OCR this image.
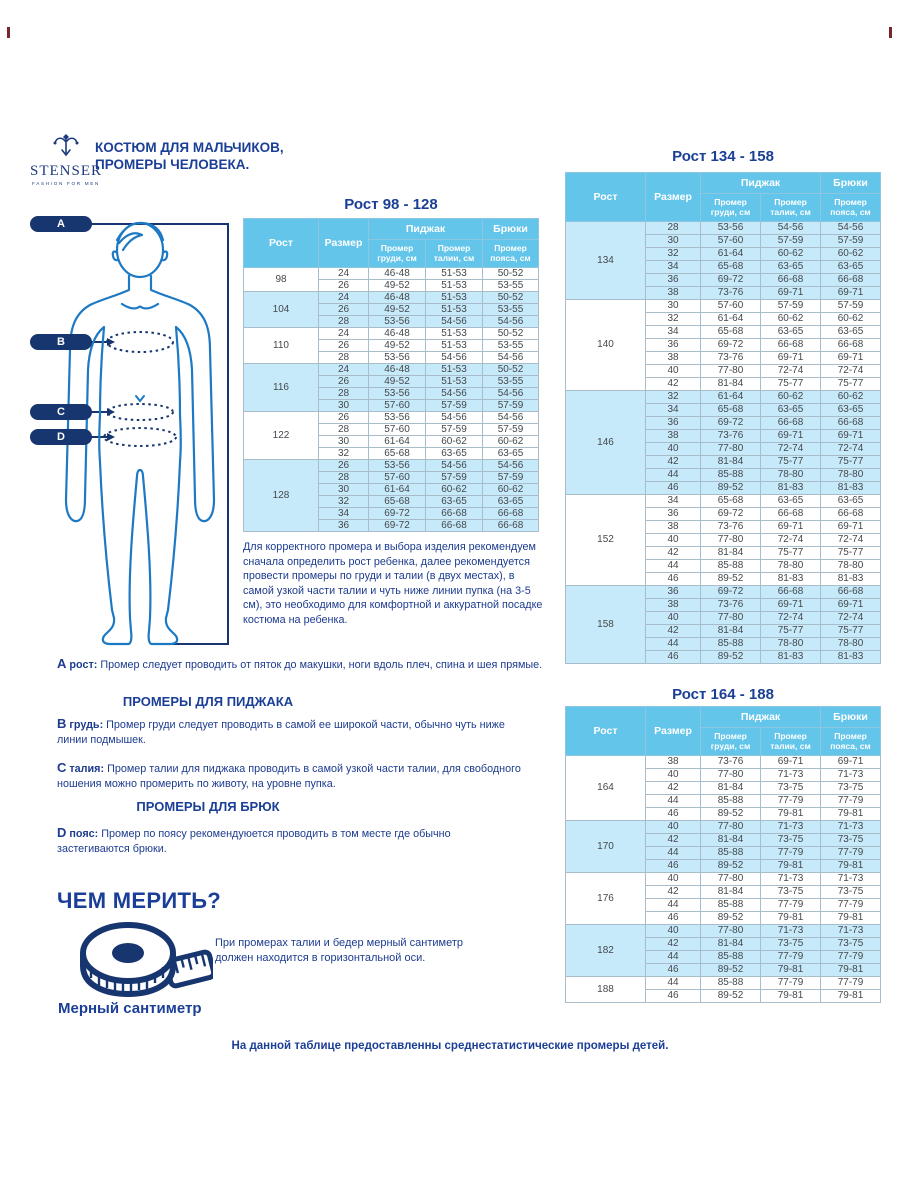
STENSER
FASHION FOR MEN
КОСТЮМ ДЛЯ МАЛЬЧИКОВ,
ПРОМЕРЫ ЧЕЛОВЕКА.
A
B
C
D
Рост 98 - 128
Рост 134 - 158
Рост 164 - 188
Рост	Размер	Пиджак		Брюки
		Промер груди, см	Промер талии, см	Промер пояса, см
98	24	46-48	51-53	50-52
	26	49-52	51-53	53-55
104	24	46-48	51-53	50-52
	26	49-52	51-53	53-55
	28	53-56	54-56	54-56
110	24	46-48	51-53	50-52
	26	49-52	51-53	53-55
	28	53-56	54-56	54-56
116	24	46-48	51-53	50-52
	26	49-52	51-53	53-55
	28	53-56	54-56	54-56
	30	57-60	57-59	57-59
122	26	53-56	54-56	54-56
	28	57-60	57-59	57-59
	30	61-64	60-62	60-62
	32	65-68	63-65	63-65
128	26	53-56	54-56	54-56
	28	57-60	57-59	57-59
	30	61-64	60-62	60-62
	32	65-68	63-65	63-65
	34	69-72	66-68	66-68
	36	69-72	66-68	66-68
Рост	Размер	Пиджак		Брюки
		Промер груди, см	Промер талии, см	Промер пояса, см
134	28	53-56	54-56	54-56
	30	57-60	57-59	57-59
	32	61-64	60-62	60-62
	34	65-68	63-65	63-65
	36	69-72	66-68	66-68
	38	73-76	69-71	69-71
140	30	57-60	57-59	57-59
	32	61-64	60-62	60-62
	34	65-68	63-65	63-65
	36	69-72	66-68	66-68
	38	73-76	69-71	69-71
	40	77-80	72-74	72-74
	42	81-84	75-77	75-77
146	32	61-64	60-62	60-62
	34	65-68	63-65	63-65
	36	69-72	66-68	66-68
	38	73-76	69-71	69-71
	40	77-80	72-74	72-74
	42	81-84	75-77	75-77
	44	85-88	78-80	78-80
	46	89-52	81-83	81-83
152	34	65-68	63-65	63-65
	36	69-72	66-68	66-68
	38	73-76	69-71	69-71
	40	77-80	72-74	72-74
	42	81-84	75-77	75-77
	44	85-88	78-80	78-80
	46	89-52	81-83	81-83
158	36	69-72	66-68	66-68
	38	73-76	69-71	69-71
	40	77-80	72-74	72-74
	42	81-84	75-77	75-77
	44	85-88	78-80	78-80
	46	89-52	81-83	81-83
Рост	Размер	Пиджак		Брюки
		Промер груди, см	Промер талии, см	Промер пояса, см
164	38	73-76	69-71	69-71
	40	77-80	71-73	71-73
	42	81-84	73-75	73-75
	44	85-88	77-79	77-79
	46	89-52	79-81	79-81
170	40	77-80	71-73	71-73
	42	81-84	73-75	73-75
	44	85-88	77-79	77-79
	46	89-52	79-81	79-81
176	40	77-80	71-73	71-73
	42	81-84	73-75	73-75
	44	85-88	77-79	77-79
	46	89-52	79-81	79-81
182	40	77-80	71-73	71-73
	42	81-84	73-75	73-75
	44	85-88	77-79	77-79
	46	89-52	79-81	79-81
188	44	85-88	77-79	77-79
	46	89-52	79-81	79-81
Для корректного промера и выбора изделия рекомендуем сначала определить рост ребенка, далее рекомендуется провести промеры по груди и талии (в двух местах), в самой узкой части талии и чуть ниже линии пупка (на 3-5 см), это необходимо для комфортной и аккуратной посадке костюма на ребенка.
А рост: Промер следует проводить от пяток до макушки, ноги вдоль плеч, спина и шея прямые.
ПРОМЕРЫ ДЛЯ ПИДЖАКА
В грудь: Промер груди следует проводить в самой ее широкой части, обычно чуть ниже линии подмышек.
С талия: Промер талии для пиджака проводить в самой узкой части талии, для свободного ношения можно промерить по животу, на уровне пупка.
ПРОМЕРЫ ДЛЯ БРЮК
D пояс: Промер по поясу рекомендуюется проводить в том месте где обычно застегиваются брюки.
ЧЕМ МЕРИТЬ?
Мерный сантиметр
При промерах талии и бедер мерный сантиметр должен находится в горизонтальной оси.
На данной таблице предоставленны среднестатистические промеры детей.
